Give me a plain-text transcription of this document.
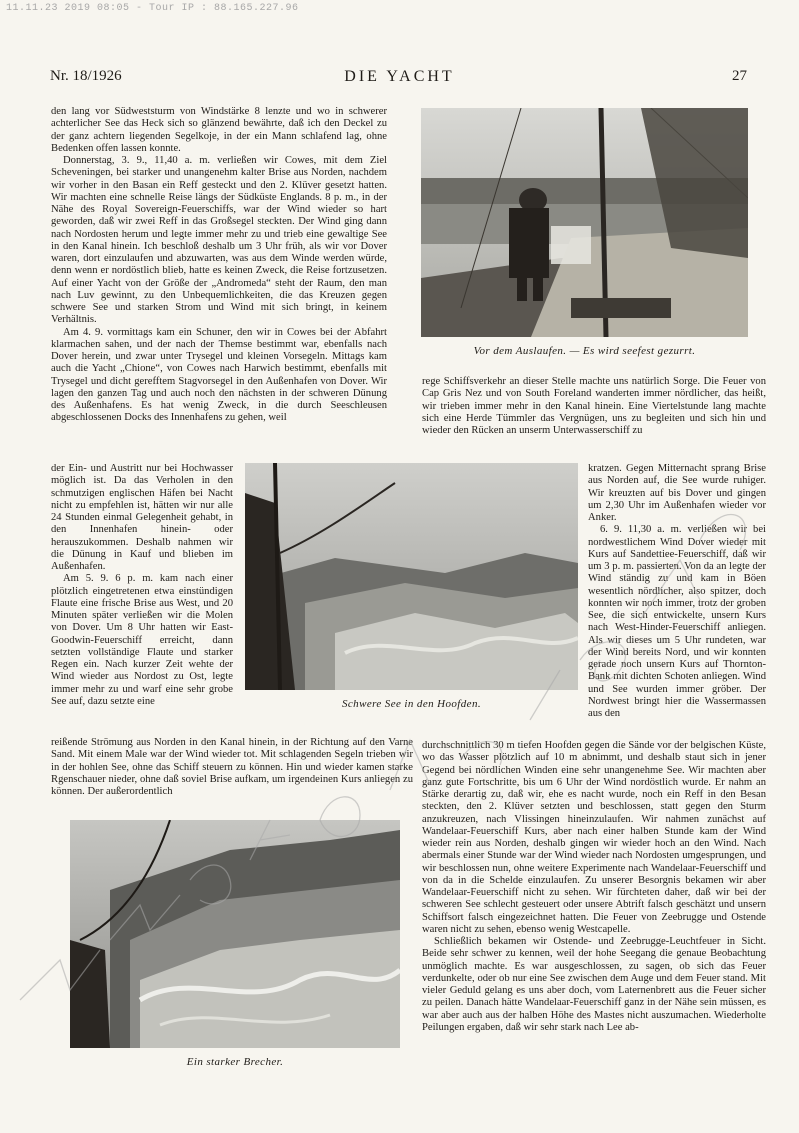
11.11.23 2019 08:05 - Tour IP : 88.165.227.96
Nr. 18/1926	DIE YACHT	27

den lang vor Südweststurm von Windstärke 8 lenzte und wo in schwerer achterlicher See das Heck sich so glänzend bewährte, daß ich den Deckel zu der ganz achtern liegenden Segelkoje, in der ein Mann schlafend lag, ohne Bedenken offen lassen konnte.

Donnerstag, 3. 9., 11,40 a. m. verließen wir Cowes, mit dem Ziel Scheveningen, bei starker und unangenehm kalter Brise aus Norden, nachdem wir vorher in den Basan ein Reff gesteckt und den 2. Klüver gesetzt hatten. Wir machten eine schnelle Reise längs der Südküste Englands. 8 p. m., in der Nähe des Royal Sovereign-Feuerschiffs, war der Wind wieder so hart geworden, daß wir zwei Reff in das Großsegel steckten. Der Wind ging dann nach Nordosten herum und legte immer mehr zu und trieb eine gewaltige See in den Kanal hinein. Ich beschloß deshalb um 3 Uhr früh, als wir vor Dover waren, dort einzulaufen und abzuwarten, was aus dem Winde werden würde, denn wenn er nordöstlich blieb, hatte es keinen Zweck, die Reise fortzusetzen. Auf einer Yacht von der Größe der „Andromeda“ steht der Raum, den man nach Luv gewinnt, zu den Unbequemlichkeiten, die das Kreuzen gegen schwere See und starken Strom und Wind mit sich bringt, in keinem Verhältnis.

Am 4. 9. vormittags kam ein Schuner, den wir in Cowes bei der Abfahrt klarmachen sahen, und der nach der Themse bestimmt war, ebenfalls nach Dover herein, und zwar unter Trysegel und kleinen Vorsegeln. Mittags kam auch die Yacht „Chione“, von Cowes nach Harwich bestimmt, ebenfalls mit Trysegel und dicht gerefftem Stagvorsegel in den Außenhafen von Dover. Wir lagen den ganzen Tag und auch noch den nächsten in der schweren Dünung des Außenhafens. Es hat wenig Zweck, in die durch Seeschleusen abgeschlossenen Docks des Innenhafens zu gehen, weil

der Ein- und Austritt nur bei Hochwasser möglich ist. Da das Verholen in den schmutzigen englischen Häfen bei Nacht nicht zu empfehlen ist, hätten wir nur alle 24 Stunden einmal Gelegenheit gehabt, in den Innenhafen hinein- oder herauszukommen. Deshalb nahmen wir die Dünung in Kauf und blieben im Außenhafen.

Am 5. 9. 6 p. m. kam nach einer plötzlich eingetretenen etwa einstündigen Flaute eine frische Brise aus West, und 20 Minuten später verließen wir die Molen von Dover. Um 8 Uhr hatten wir East-Goodwin-Feuerschiff erreicht, dann setzten vollständige Flaute und starker Regen ein. Nach kurzer Zeit wehte der Wind wieder aus Nordost zu Ost, legte immer mehr zu und warf eine sehr grobe See auf, dazu setzte eine

reißende Strömung aus Norden in den Kanal hinein, in der Richtung auf den Varne Sand. Mit einem Male war der Wind wieder tot. Mit schlagenden Segeln trieben wir in der hohlen See, ohne das Schiff steuern zu können. Hin und wieder kamen starke Rgenschauer nieder, ohne daß soviel Brise aufkam, um irgendeinen Kurs anliegen zu können. Der außerordentlich

rege Schiffsverkehr an dieser Stelle machte uns natürlich Sorge. Die Feuer von Cap Gris Nez und von South Foreland wanderten immer nördlicher, das heißt, wir trieben immer mehr in den Kanal hinein. Eine Viertelstunde lang machte sich eine Herde Tümmler das Vergnügen, uns zu begleiten und sich hin und wieder den Rücken an unserm Unterwasserschiff zu

kratzen. Gegen Mitternacht sprang Brise aus Norden auf, die See wurde ruhiger. Wir kreuzten auf bis Dover und gingen um 2,30 Uhr im Außenhafen wieder vor Anker.

6. 9. 11,30 a. m. verließen wir bei nordwestlichem Wind Dover wieder mit Kurs auf Sandettiee-Feuerschiff, daß wir um 3 p. m. passierten. Von da an legte der Wind ständig zu und kam in Böen wesentlich nördlicher, also spitzer, doch konnten wir noch immer, trotz der groben See, die sich entwickelte, unsern Kurs nach West-Hinder-Feuerschiff anliegen. Als wir dieses um 5 Uhr rundeten, war der Wind bereits Nord, und wir konnten gerade noch unsern Kurs auf Thornton-Bank mit dichten Schoten anliegen. Wind und See wurden immer gröber. Der Nordwest bringt hier die Wassermassen aus den

durchschnittlich 30 m tiefen Hoofden gegen die Sände vor der belgischen Küste, wo das Wasser plötzlich auf 10 m abnimmt, und deshalb staut sich in jener Gegend bei nördlichen Winden eine sehr unangenehme See. Wir machten aber ganz gute Fortschritte, bis um 6 Uhr der Wind nordöstlich wurde. Er nahm an Stärke derartig zu, daß wir, ehe es nacht wurde, noch ein Reff in den Besan steckten, den 2. Klüver setzten und beschlossen, statt gegen den Sturm anzukreuzen, nach Vlissingen hineinzulaufen. Wir nahmen zunächst auf Wandelaar-Feuerschiff Kurs, aber nach einer halben Stunde kam der Wind wieder rein aus Norden, deshalb gingen wir wieder hoch an den Wind. Nach abermals einer Stunde war der Wind wieder nach Nordosten umgesprungen, und wir beschlossen nun, ohne weitere Experimente nach Wandelaar-Feuerschiff und von da in die Schelde einzulaufen. Zu unserer Besorgnis bekamen wir aber Wandelaar-Feuerschiff nicht zu sehen. Wir fürchteten daher, daß wir bei der schweren See schlecht gesteuert oder unsere Abtrift falsch geschätzt und unsern Schiffsort falsch eingezeichnet hatten. Die Feuer von Zeebrugge und Ostende waren nicht zu sehen, ebenso wenig Westcapelle.

Schließlich bekamen wir Ostende- und Zeebrugge-Leuchtfeuer in Sicht. Beide sehr schwer zu kennen, weil der hohe Seegang die genaue Beobachtung unmöglich machte. Es war ausgeschlossen, zu sagen, ob sich das Feuer verdunkelte, oder ob nur eine See zwischen dem Auge und dem Feuer stand. Mit vieler Geduld gelang es uns aber doch, vom Laternenbrett aus die Feuer sicher zu peilen. Danach hätte Wandelaar-Feuerschiff ganz in der Nähe sein müssen, es war aber auch aus der halben Höhe des Mastes nicht auszumachen. Wiederholte Peilungen ergaben, daß wir sehr stark nach Lee ab-

Vor dem Auslaufen. — Es wird seefest gezurrt.
Schwere See in den Hoofden.
Ein starker Brecher.
